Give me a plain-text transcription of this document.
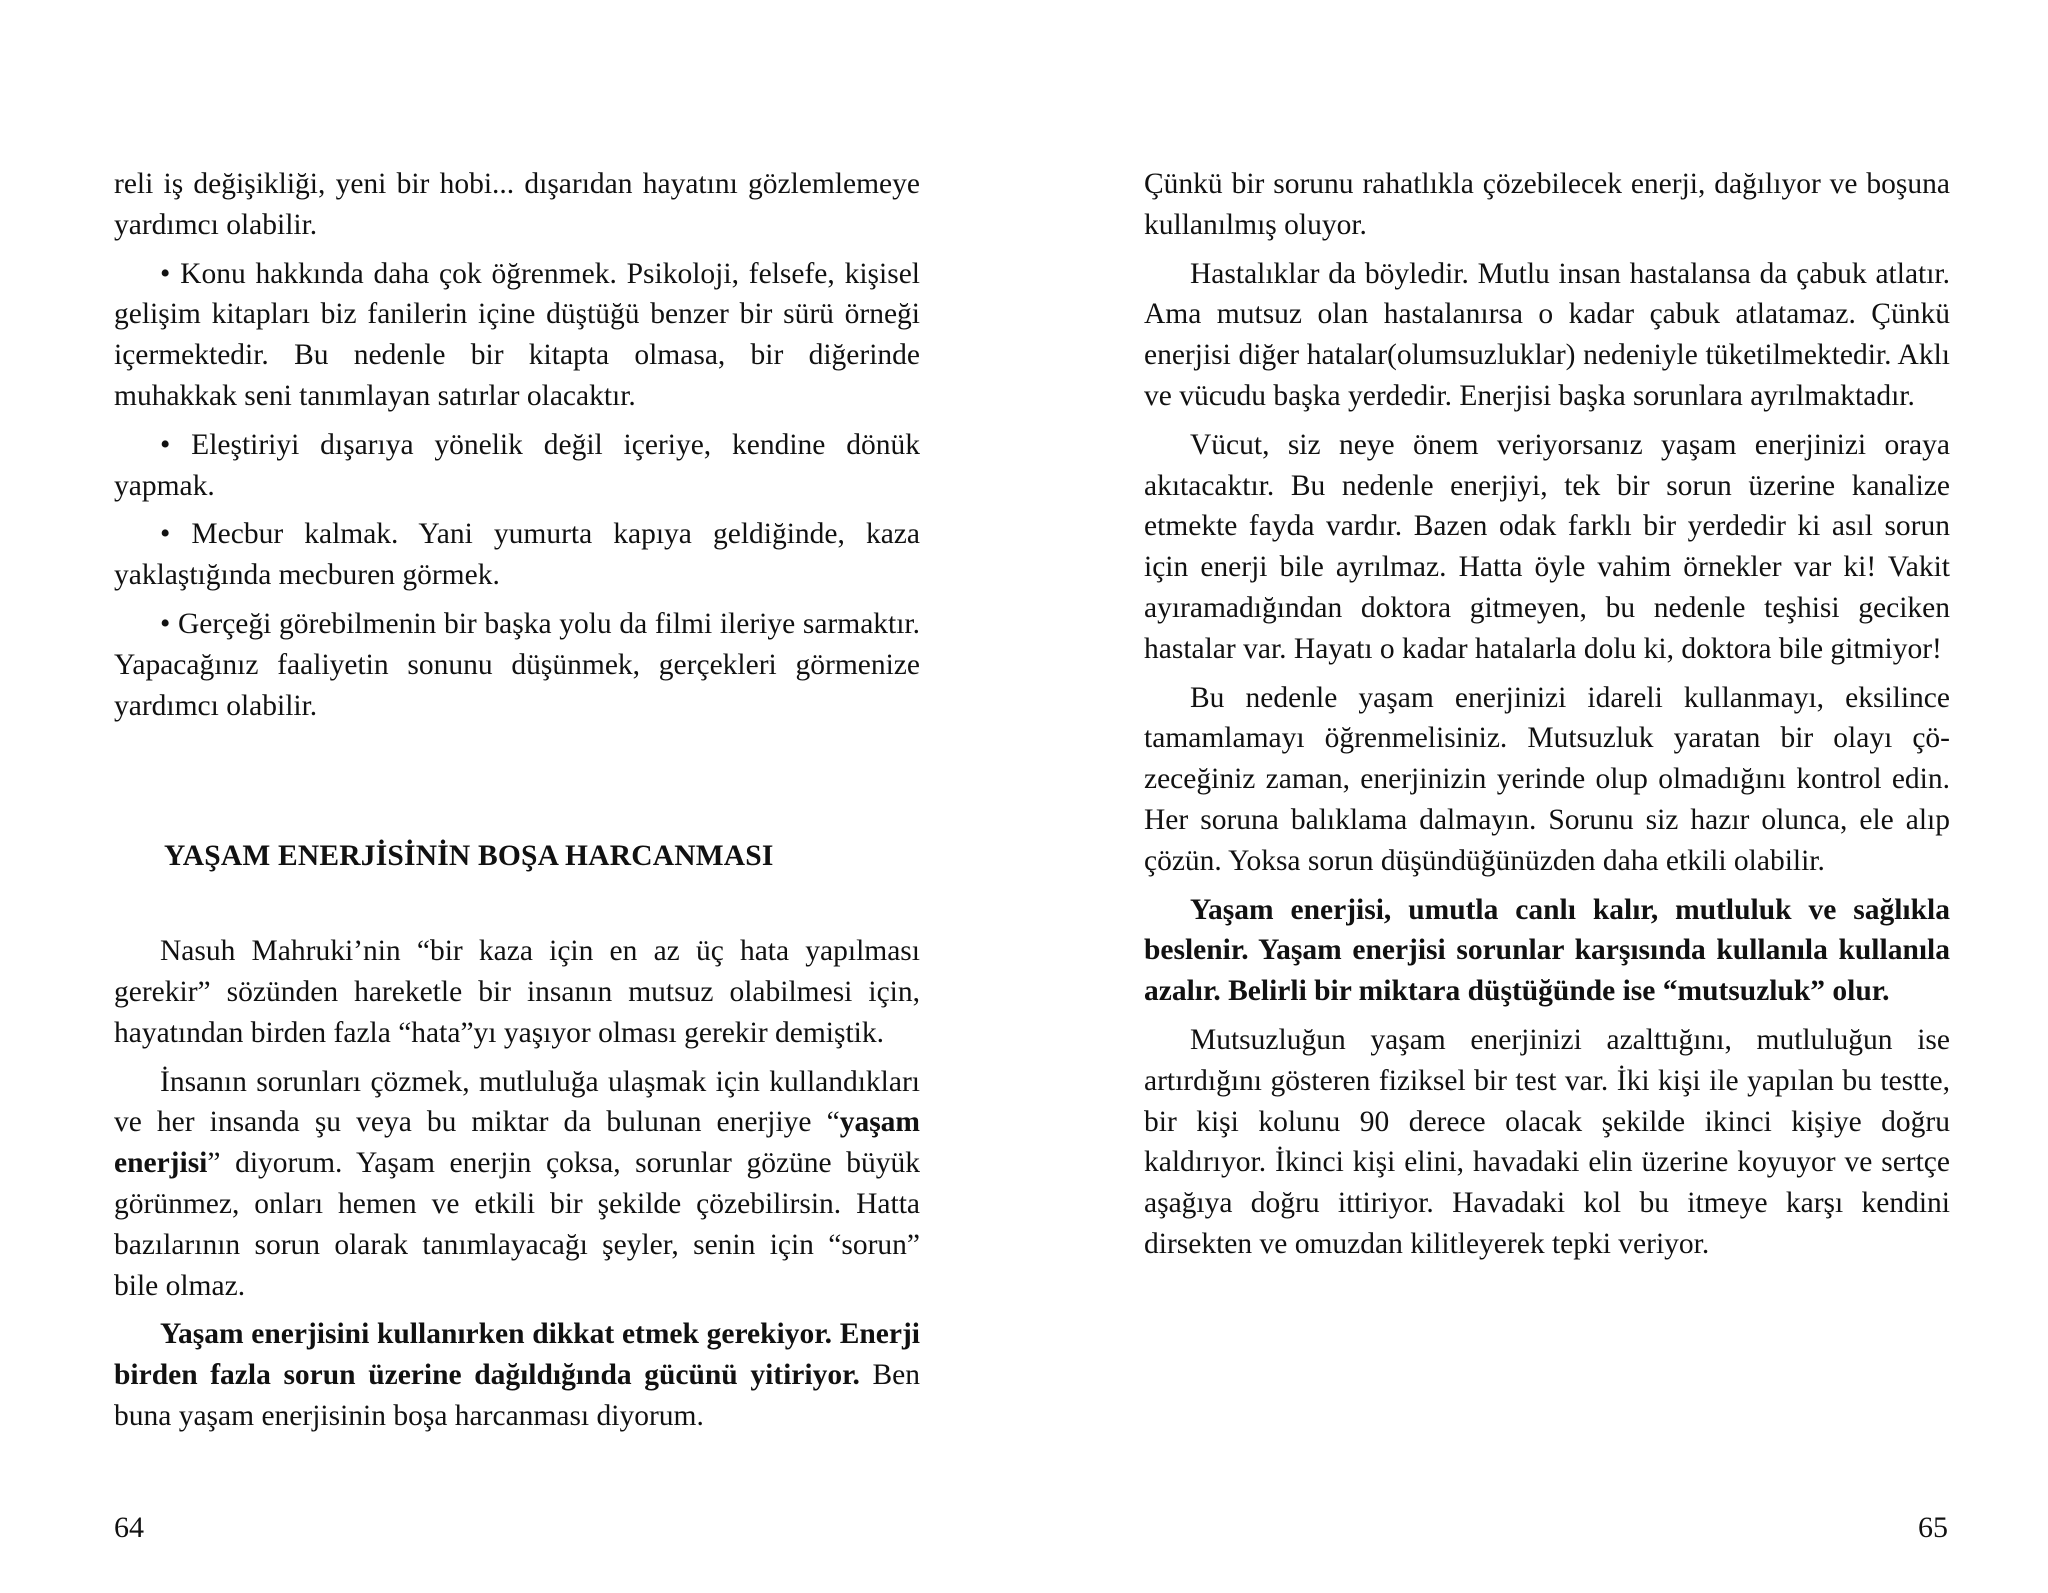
reli iş değişikliği, yeni bir hobi... dışarıdan hayatını gözlemlemeye yardımcı olabilir.

• Konu hakkında daha çok öğrenmek. Psikoloji, felsefe, kişisel gelişim kitapları biz fanilerin içine düştüğü benzer bir sürü örneği içermektedir. Bu nedenle bir kitapta olmasa, bir diğerinde muhakkak seni tanımlayan satırlar olacaktır.

• Eleştiriyi dışarıya yönelik değil içeriye, kendine dönük yapmak.

• Mecbur kalmak. Yani yumurta kapıya geldiğinde, kaza yaklaştığında mecburen görmek.

• Gerçeği görebilmenin bir başka yolu da filmi ileriye sarmaktır. Yapacağınız faaliyetin sonunu düşünmek, gerçekleri görmenize yardımcı olabilir.

YAŞAM ENERJİSİNİN BOŞA HARCANMASI

Nasuh Mahruki’nin “bir kaza için en az üç hata yapılması gerekir” sözünden hareketle bir insanın mutsuz olabilmesi için, hayatından birden fazla “hata”yı yaşıyor olması gerekir demiştik.

İnsanın sorunları çözmek, mutluluğa ulaşmak için kullandıkları ve her insanda şu veya bu miktar da bulunan enerjiye “yaşam enerjisi” diyorum. Yaşam enerjin çoksa, sorunlar gözüne büyük görünmez, onları hemen ve etkili bir şekilde çözebilirsin. Hatta bazılarının sorun olarak tanımlayacağı şeyler, senin için “sorun” bile olmaz.

Yaşam enerjisini kullanırken dikkat etmek gerekiyor. Enerji birden fazla sorun üzerine dağıldığında gücünü yitiriyor. Ben buna yaşam enerjisinin boşa harcanması diyorum.

Çünkü bir sorunu rahatlıkla çözebilecek enerji, dağılıyor ve boşuna kullanılmış oluyor.

Hastalıklar da böyledir. Mutlu insan hastalansa da çabuk atlatır. Ama mutsuz olan hastalanırsa o kadar çabuk atlatamaz. Çünkü enerjisi diğer hatalar(olumsuzluklar) nedeniyle tüketilmektedir. Aklı ve vücudu başka yerdedir. Enerjisi başka sorunlara ayrılmaktadır.

Vücut, siz neye önem veriyorsanız yaşam enerjinizi oraya akıtacaktır. Bu nedenle enerjiyi, tek bir sorun üzerine kanalize etmekte fayda vardır. Bazen odak farklı bir yerdedir ki asıl sorun için enerji bile ayrılmaz. Hatta öyle vahim örnekler var ki! Vakit ayıramadığından doktora gitmeyen, bu nedenle teşhisi geciken hastalar var. Hayatı o kadar hatalarla dolu ki, doktora bile gitmiyor!

Bu nedenle yaşam enerjinizi idareli kullanmayı, eksilince tamamlamayı öğrenmelisiniz. Mutsuzluk yaratan bir olayı çözeceğiniz zaman, enerjinizin yerinde olup olmadığını kontrol edin. Her soruna balıklama dalmayın. Sorunu siz hazır olunca, ele alıp çözün. Yoksa sorun düşündüğünüzden daha etkili olabilir.

Yaşam enerjisi, umutla canlı kalır, mutluluk ve sağlıkla beslenir. Yaşam enerjisi sorunlar karşısında kullanıla kullanıla azalır. Belirli bir miktara düştüğünde ise “mutsuzluk” olur.

Mutsuzluğun yaşam enerjinizi azalttığını, mutluluğun ise artırdığını gösteren fiziksel bir test var. İki kişi ile yapılan bu testte, bir kişi kolunu 90 derece olacak şekilde ikinci kişiye doğru kaldırıyor. İkinci kişi elini, havadaki elin üzerine koyuyor ve sertçe aşağıya doğru ittiriyor. Havadaki kol bu itmeye karşı kendini dirsekten ve omuzdan kilitleyerek tepki veriyor.

64	65
